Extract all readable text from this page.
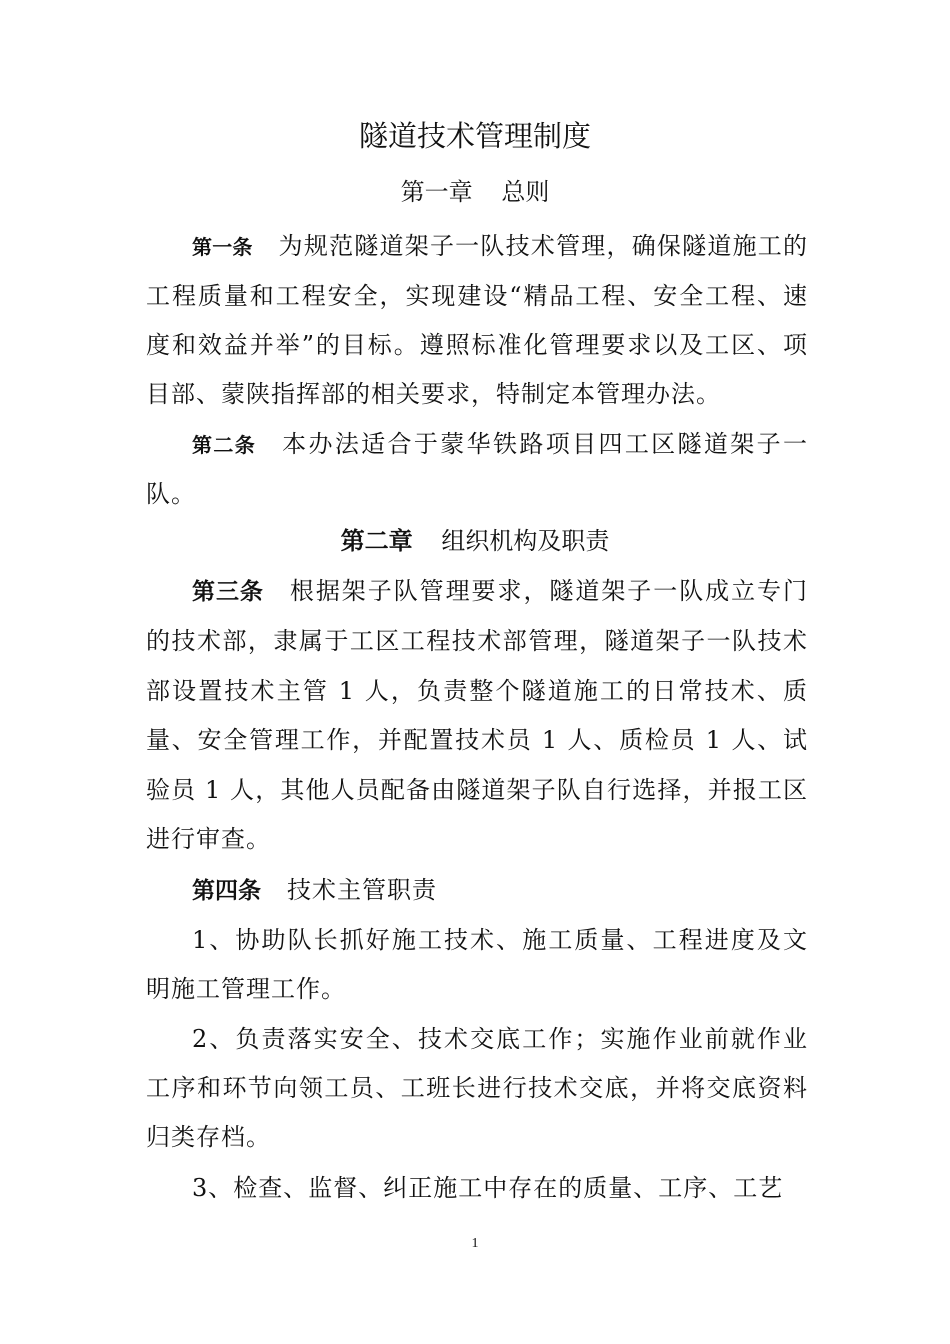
隧道技术管理制度
第一章 总则
第一条 为规范隧道架子一队技术管理，确保隧道施工的工程质量和工程安全，实现建设“精品工程、安全工程、速度和效益并举”的目标。遵照标准化管理要求以及工区、项目部、蒙陕指挥部的相关要求，特制定本管理办法。
第二条 本办法适合于蒙华铁路项目四工区隧道架子一队。
第二章 组织机构及职责
第三条 根据架子队管理要求，隧道架子一队成立专门的技术部，隶属于工区工程技术部管理，隧道架子一队技术部设置技术主管 1 人，负责整个隧道施工的日常技术、质量、安全管理工作，并配置技术员 1 人、质检员 1 人、试验员 1 人，其他人员配备由隧道架子队自行选择，并报工区进行审查。
第四条 技术主管职责
1、协助队长抓好施工技术、施工质量、工程进度及文明施工管理工作。
2、负责落实安全、技术交底工作；实施作业前就作业工序和环节向领工员、工班长进行技术交底，并将交底资料归类存档。
3、检查、监督、纠正施工中存在的质量、工序、工艺
1
